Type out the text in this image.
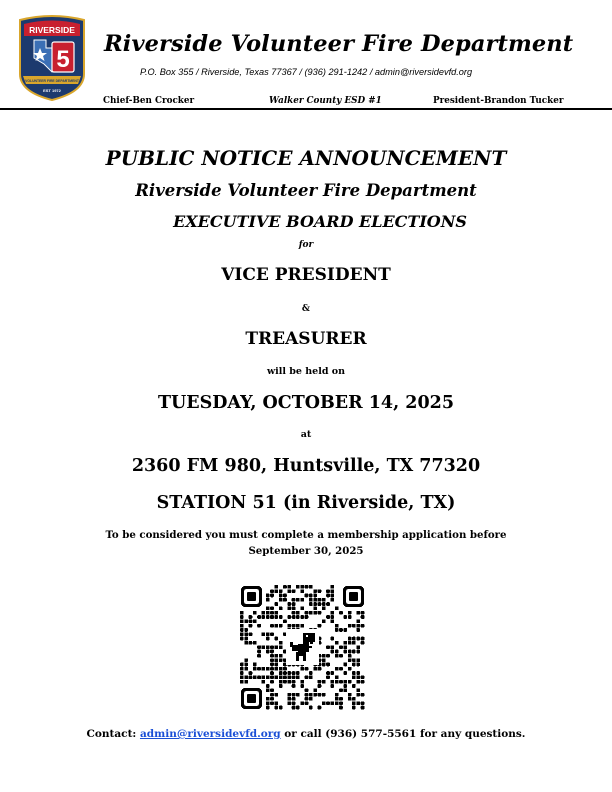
RIVERSIDE
5
VOLUNTEER FIRE DEPARTMENT
EST 1972
Riverside Volunteer Fire Department
P.O. Box 355 / Riverside, Texas 77367 / (936) 291-1242 / admin@riversidevfd.org
Chief-Ben Crocker	Walker County ESD #1	President-Brandon Tucker
PUBLIC NOTICE ANNOUNCEMENT
Riverside Volunteer Fire Department
EXECUTIVE BOARD ELECTIONS
for
VICE PRESIDENT
&
TREASURER
will be held on
TUESDAY, OCTOBER 14, 2025
at
2360 FM 980, Huntsville, TX 77320
STATION 51 (in Riverside, TX)
To be considered you must complete a membership application before
September 30, 2025
Contact: admin@riversidevfd.org or call (936) 577-5561 for any questions.
